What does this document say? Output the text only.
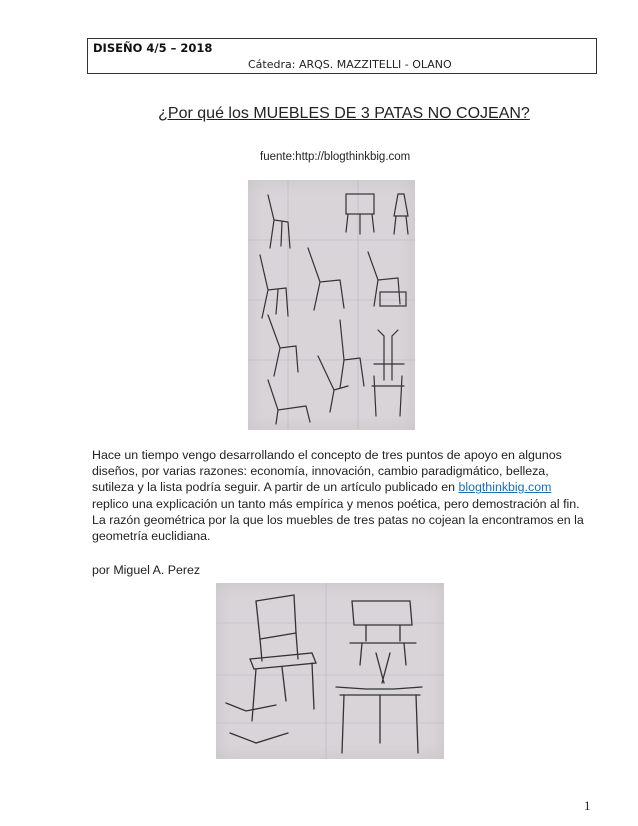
DISEÑO 4/5 – 2018
Cátedra: ARQS. MAZZITELLI - OLANO
¿Por qué los MUEBLES DE 3 PATAS NO COJEAN?
fuente:http://blogthinkbig.com

Hace un tiempo vengo desarrollando el concepto de tres puntos de apoyo en algunos

diseños, por varias razones: economía, innovación, cambio paradigmático, belleza,

sutileza y la lista podría seguir. A partir de un artículo publicado en blogthinkbig.com

replico una explicación un tanto más empírica y menos poética, pero demostración al fin.

La razón geométrica por la que los muebles de tres patas no cojean la encontramos en la

geometría euclidiana.

por Miguel A. Perez
1
